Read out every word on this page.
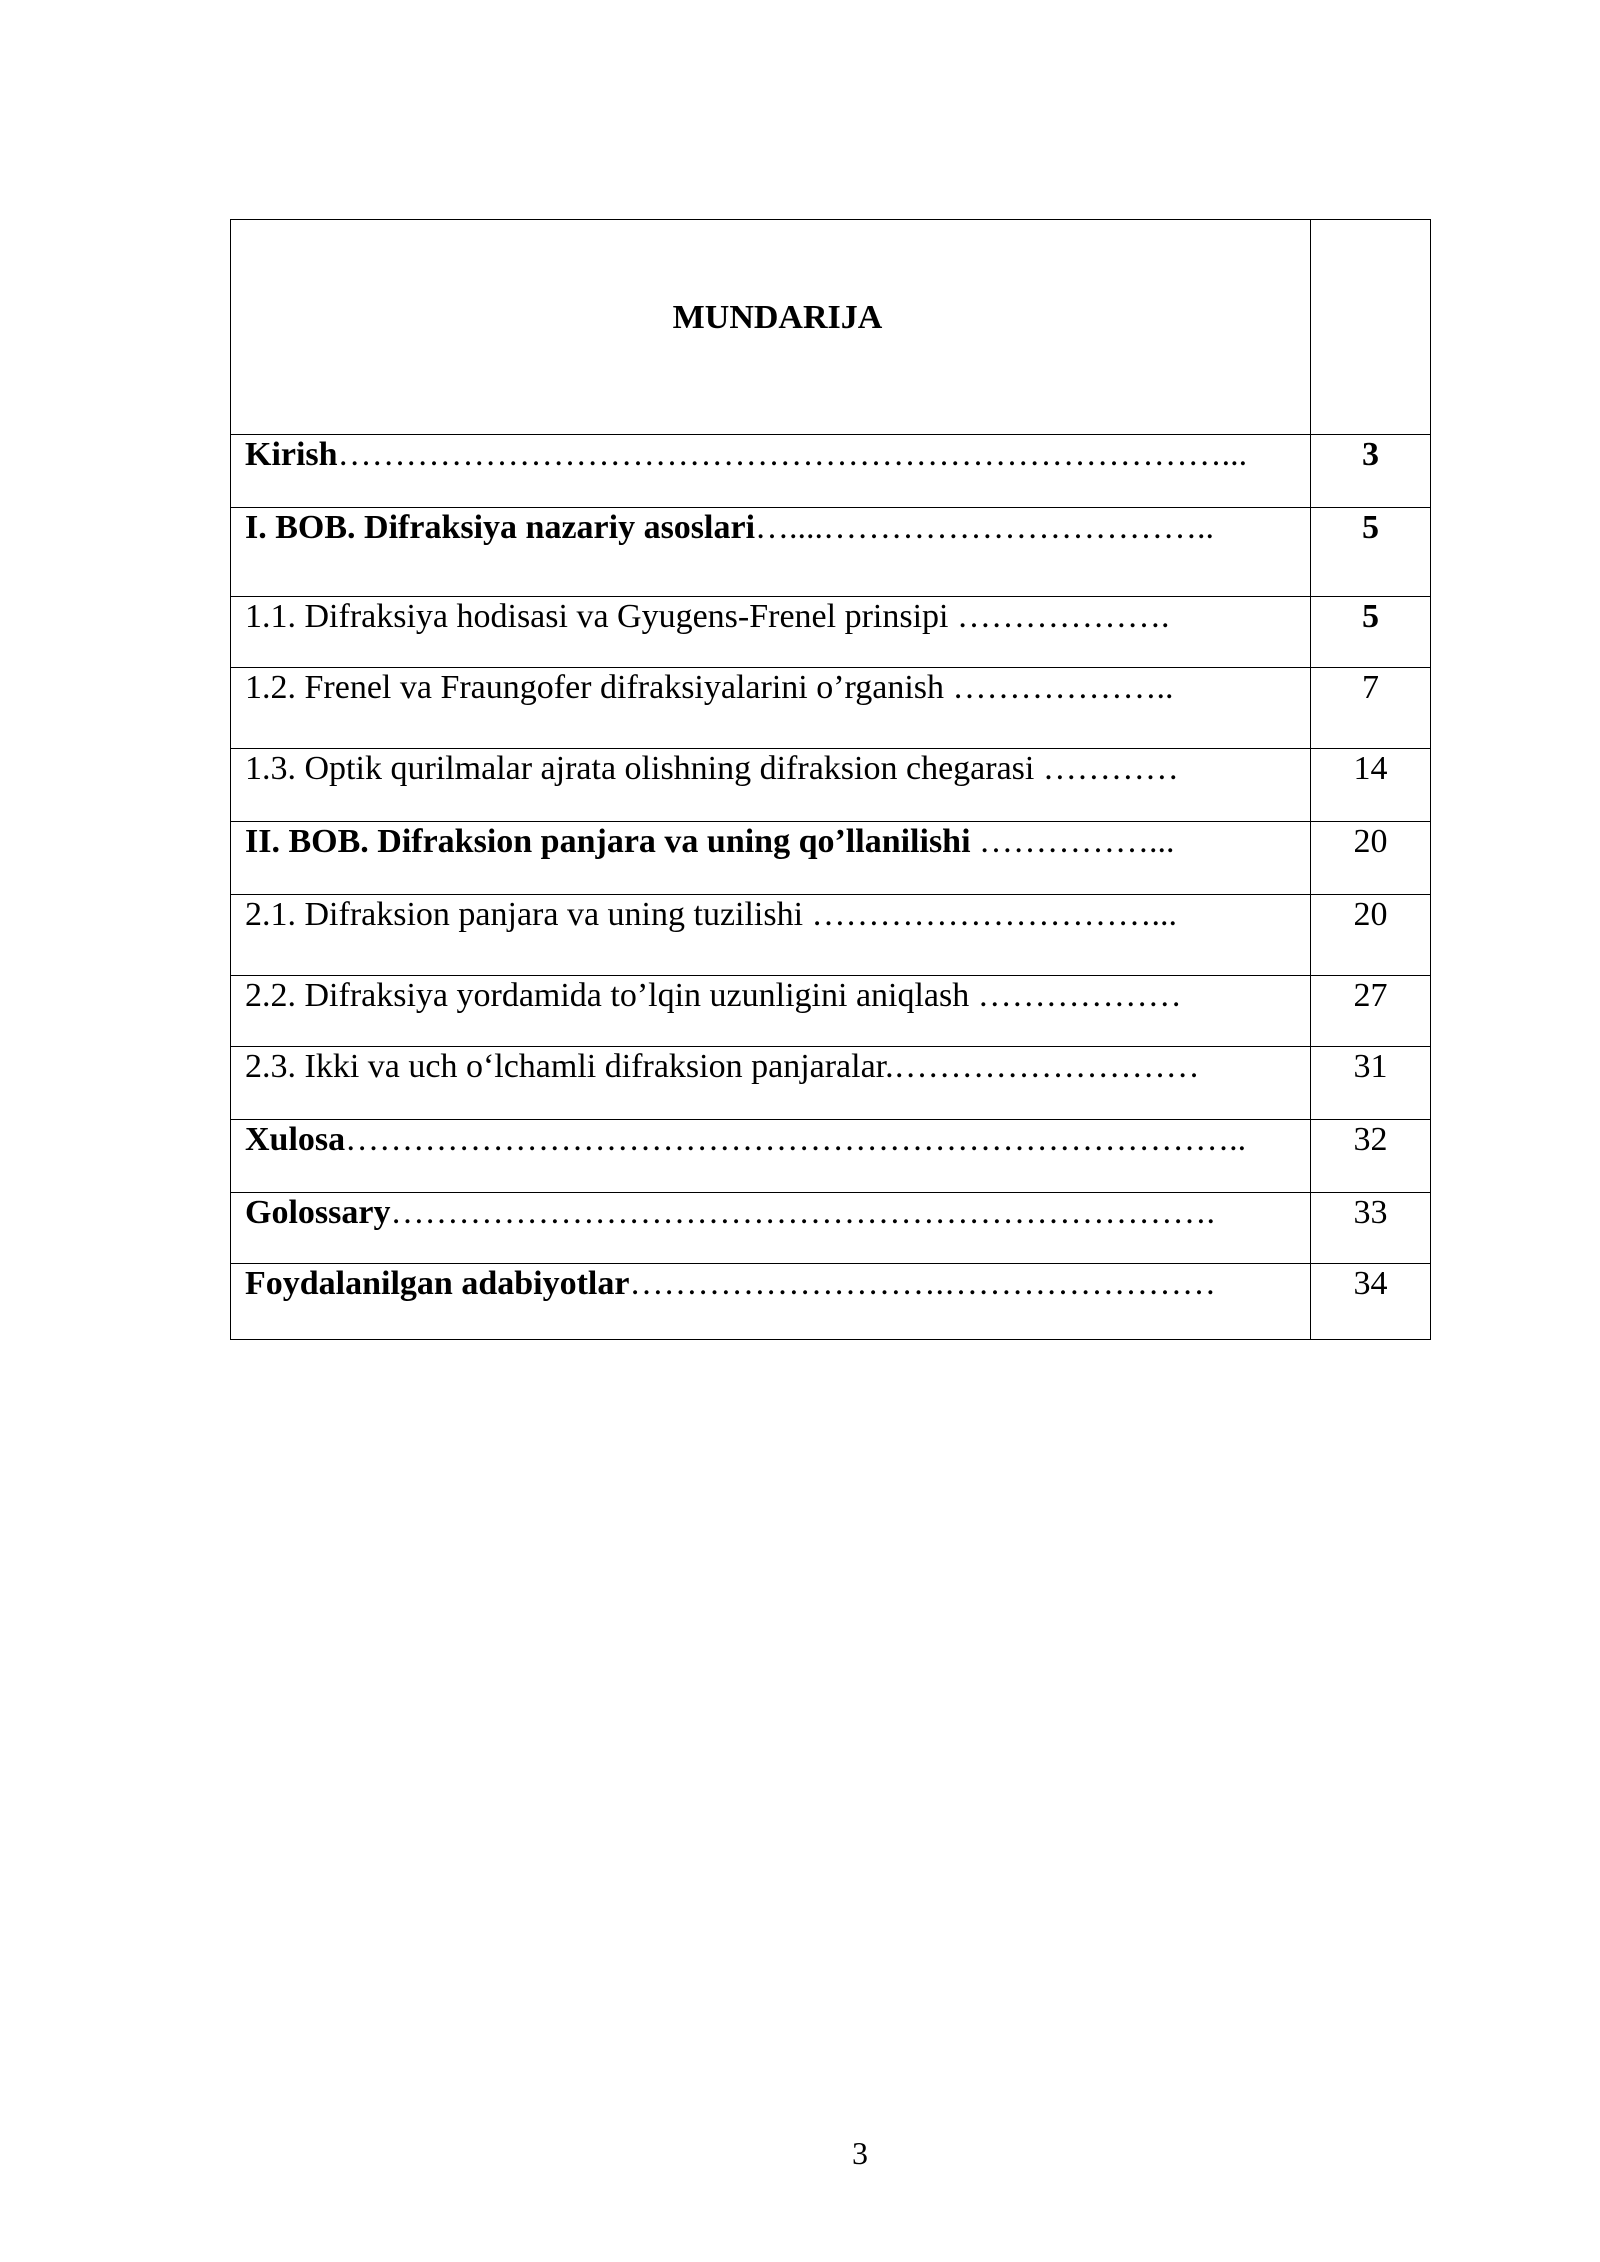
MUNDARIJA	
Kirish……………………………………………………………………...	3
I. BOB. Difraksiya nazariy asoslari…....……………………………..	5
1.1. Difraksiya hodisasi va Gyugens-Frenel prinsipi ……………….	5
1.2. Frenel va Fraungofer difraksiyalarini o’rganish ………………..	7
1.3. Optik qurilmalar ajrata olishning difraksion chegarasi …………	14
II. BOB. Difraksion panjara va uning qo’llanilishi ……………...	20
2.1. Difraksion panjara va uning tuzilishi …………………………...	20
2.2. Difraksiya yordamida to’lqin uzunligini aniqlash ………………	27
2.3. Ikki va uch o‘lchamli difraksion panjaralar.………………………	31
Xulosa……………………………………………………………………..	32
Golossary……………………………………………………………….	33
Foydalanilgan adabiyotlar……………………….……………………	34
3
